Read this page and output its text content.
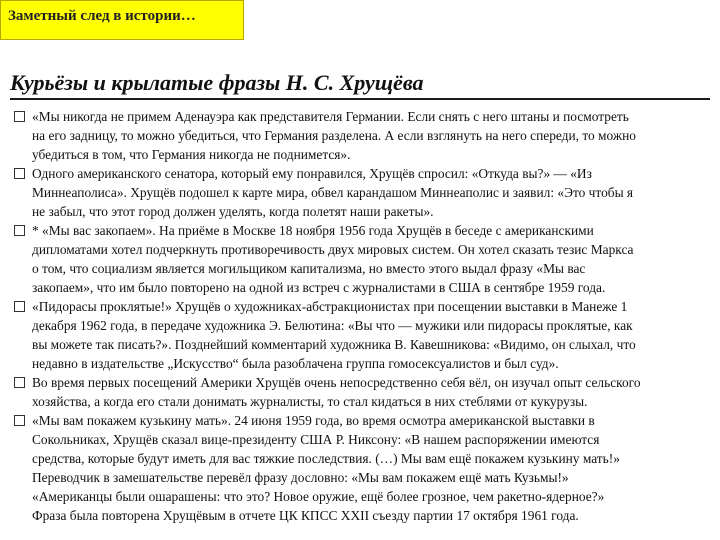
Заметный след в истории…
Курьёзы и крылатые фразы Н. С. Хрущёва
«Мы никогда не примем Аденауэра как представителя Германии. Если снять с него штаны и посмотреть
на его задницу, то можно убедиться, что Германия разделена. А если взглянуть на него спереди, то можно
убедиться в том, что Германия никогда не поднимется».
Одного американского сенатора, который ему понравился, Хрущёв спросил: «Откуда вы?» — «Из
Миннеаполиса». Хрущёв подошел к карте мира, обвел карандашом Миннеаполис и заявил: «Это чтобы я
не забыл, что этот город должен уделять, когда полетят наши ракеты».
* «Мы вас закопаем». На приёме в Москве 18 ноября 1956 года Хрущёв в беседе с американскими
дипломатами хотел подчеркнуть противоречивость двух мировых систем. Он хотел сказать тезис Маркса
о том, что социализм является могильщиком капитализма, но вместо этого выдал фразу «Мы вас
закопаем», что им было повторено на одной из встреч с журналистами в США в сентябре 1959 года.
«Пидорасы проклятые!» Хрущёв о художниках-абстракционистах при посещении выставки в Манеже 1
декабря 1962 года, в передаче художника Э. Белютина: «Вы что — мужики или пидорасы проклятые, как
вы можете так писать?». Позднейший комментарий художника В. Кавешникова: «Видимо, он слыхал, что
недавно в издательстве „Искусство“ была разоблачена группа гомосексуалистов и был суд».
Во время первых посещений Америки Хрущёв очень непосредственно себя вёл, он изучал опыт сельского
хозяйства, а когда его стали донимать журналисты, то стал кидаться в них стеблями от кукурузы.
«Мы вам покажем кузькину мать». 24 июня 1959 года, во время осмотра американской выставки в
Сокольниках, Хрущёв сказал вице-президенту США Р. Никсону: «В нашем распоряжении имеются
средства, которые будут иметь для вас тяжкие последствия. (…) Мы вам ещё покажем кузькину мать!»
Переводчик в замешательстве перевёл фразу дословно: «Мы вам покажем ещё мать Кузьмы!»
«Американцы были ошарашены: что это? Новое оружие, ещё более грозное, чем ракетно-ядерное?»
Фраза была повторена Хрущёвым в отчете ЦК КПСС XXII съезду партии 17 октября 1961 года.
